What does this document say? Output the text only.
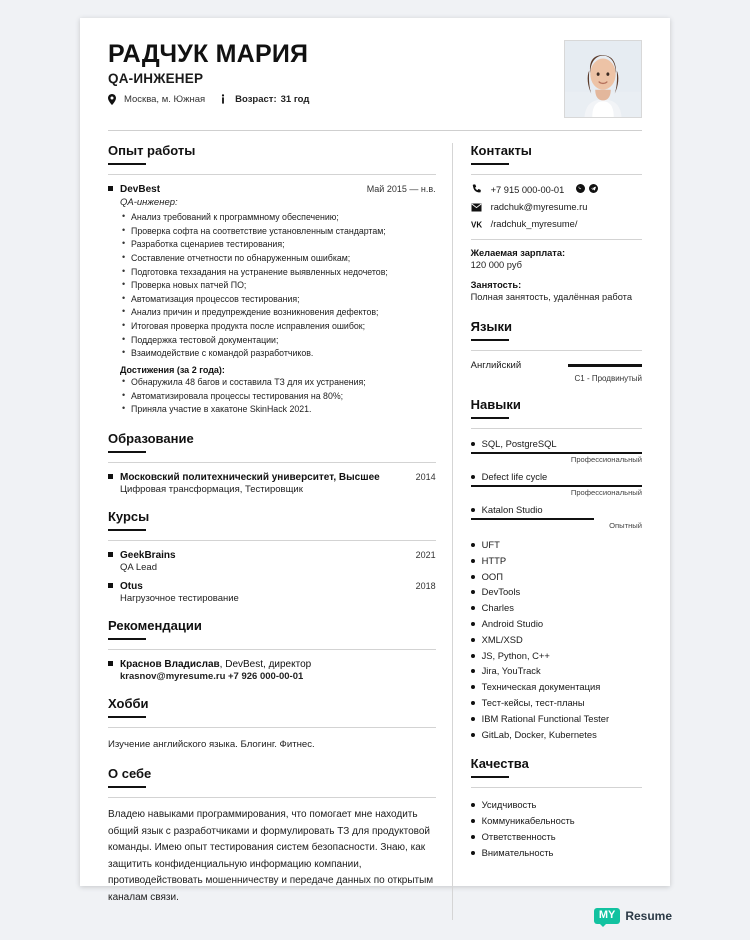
РАДЧУК МАРИЯ
QA-ИНЖЕНЕР
Москва, м. Южная	Возраст: 31 год
Опыт работы
DevBest	Май 2015 — н.в.
QA-инженер:
• Анализ требований к программному обеспечению;
• Проверка софта на соответствие установленным стандартам;
• Разработка сценариев тестирования;
• Составление отчетности по обнаруженным ошибкам;
• Подготовка техзадания на устранение выявленных недочетов;
• Проверка новых патчей ПО;
• Автоматизация процессов тестирования;
• Анализ причин и предупреждение возникновения дефектов;
• Итоговая проверка продукта после исправления ошибок;
• Поддержка тестовой документации;
• Взаимодействие с командой разработчиков.
Достижения (за 2 года):
• Обнаружила 48 багов и составила ТЗ для их устранения;
• Автоматизировала процессы тестирования на 80%;
• Приняла участие в хакатоне SkinHack 2021.
Образование
Московский политехнический университет, Высшее	2014
Цифровая трансформация, Тестировщик
Курсы
GeekBrains	2021
QA Lead
Otus	2018
Нагрузочное тестирование
Рекомендации
Краснов Владислав, DevBest, директор
krasnov@myresume.ru +7 926 000-00-01
Хобби

Изучение английского языка. Блогинг. Фитнес.

О себе

Владею навыками программирования, что помогает мне находить общий язык с разработчиками и формулировать ТЗ для продуктовой команды. Имею опыт тестирования систем безопасности. Знаю, как защитить конфиденциальную информацию компании, противодействовать мошенничеству и передаче данных по открытым каналам связи.

Контакты
+7 915 000-00-01
radchuk@myresume.ru
VK /radchuk_myresume/
Желаемая зарплата:
120 000 руб
Занятость:
Полная занятость, удалённая работа
Языки
Английский
C1 - Продвинутый
Навыки
SQL, PostgreSQL
Профессиональный
Defect life cycle
Профессиональный
Katalon Studio
Опытный
UFT
HTTP
ООП
DevTools
Charles
Android Studio
XML/XSD
JS, Python, C++
Jira, YouTrack
Техническая документация
Тест-кейсы, тест-планы
IBM Rational Functional Tester
GitLab, Docker, Kubernetes
Качества
Усидчивость
Коммуникабельность
Ответственность
Внимательность
MY Resume
